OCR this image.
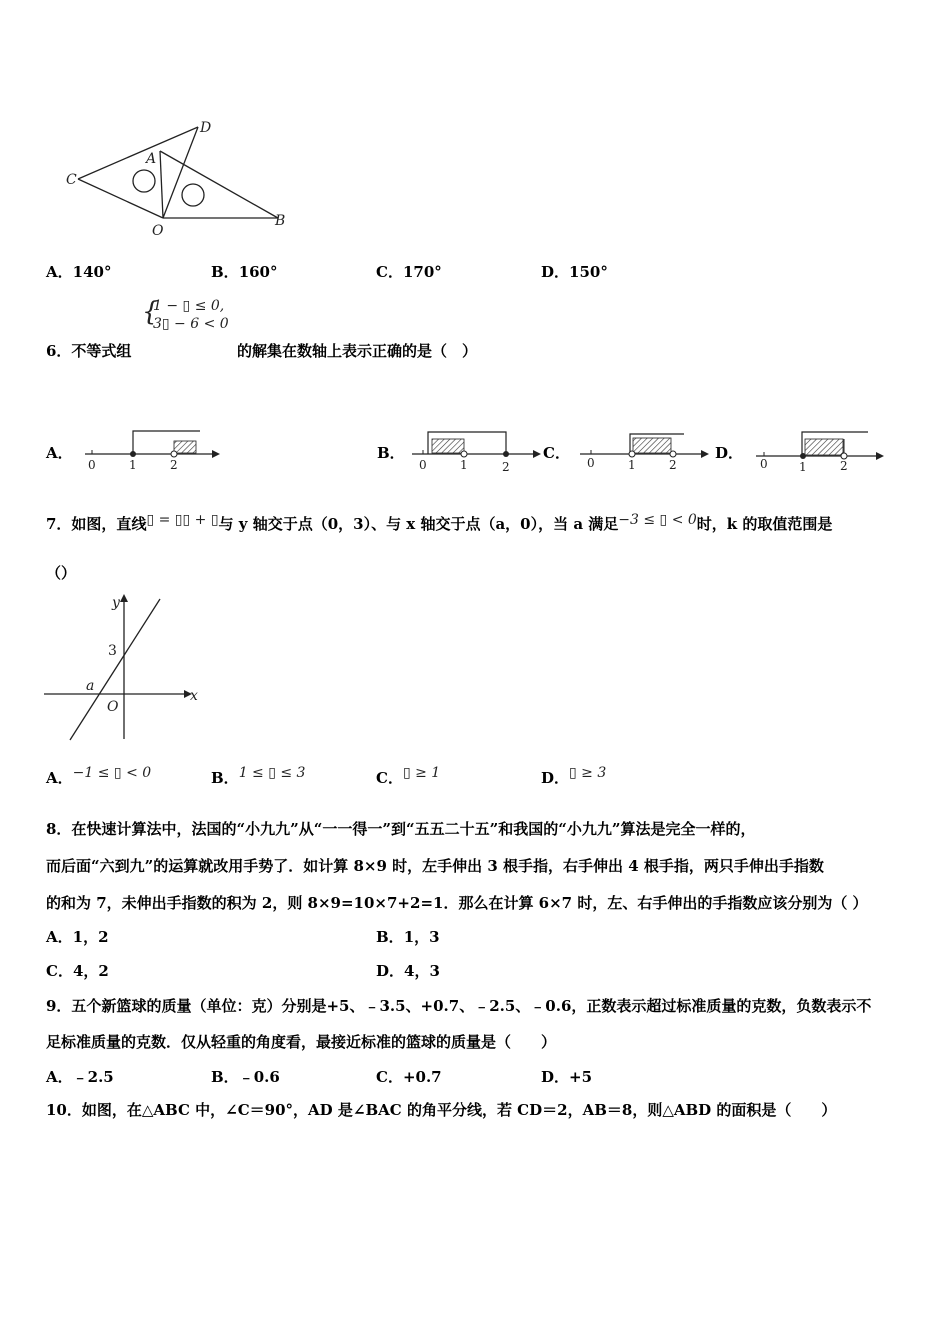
C
A
D
O
B
A．140°	B．160°	C．170°	D．150°
{
1 − ▯ ≤ 0,
3▯ − 6 < 0
6．不等式组	的解集在数轴上表示正确的是（　）
A．
0	1	2
B．
0	1	2
C．
0	1	2
D．
0	1	2
7．如图，直线▯ = ▯▯ + ▯与 y 轴交于点（0，3）、与 x 轴交于点（a，0），当 a 满足−3 ≤ ▯ < 0时，k 的取值范围是
（）
y
x
3
a
O
A．−1 ≤ ▯ < 0	B．1 ≤ ▯ ≤ 3	C．▯ ≥ 1	D．▯ ≥ 3
8．在快速计算法中，法国的“小九九”从“一一得一”到“五五二十五”和我国的“小九九”算法是完全一样的，
而后面“六到九”的运算就改用手势了．如计算 8×9 时，左手伸出 3 根手指，右手伸出 4 根手指，两只手伸出手指数
的和为 7，未伸出手指数的积为 2，则 8×9=10×7+2=1．那么在计算 6×7 时，左、右手伸出的手指数应该分别为（ ）
A．1，2	B．1，3
C．4，2	D．4，3
9．五个新篮球的质量（单位：克）分别是+5、﹣3.5、+0.7、﹣2.5、﹣0.6，正数表示超过标准质量的克数，负数表示不
足标准质量的克数．仅从轻重的角度看，最接近标准的篮球的质量是（　　）
A．﹣2.5	B．﹣0.6	C．+0.7	D．+5
10．如图，在△ABC 中，∠C＝90°，AD 是∠BAC 的角平分线，若 CD＝2，AB＝8，则△ABD 的面积是（　　）
